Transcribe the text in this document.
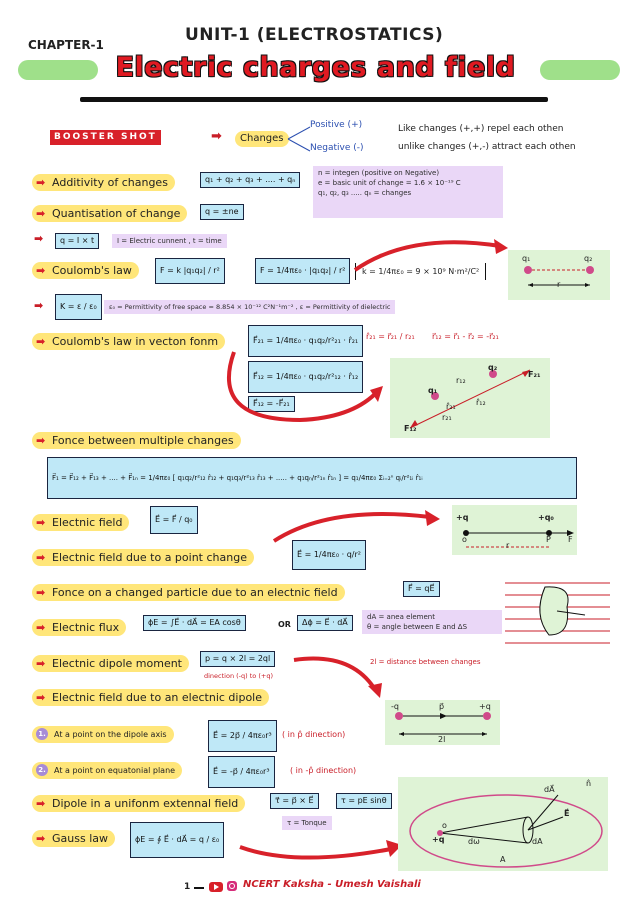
CHAPTER-1	UNIT-1 (ELECTROSTATICS)
Electric charges and field
BOOSTER SHOT	➡	Changes
Positive (+)
Negative (-)
Like changes (+,+) repel each othen
unlike changes (+,-) attract each othen
➡ Additivity of changes	q₁ + q₂ + q₃ + .... + qₙ
n = integen (positive on Negative)
e = basic unit of change = 1.6 × 10⁻¹⁹ C
q₁, q₂, q₃ ..... qₙ = changes
➡ Quantisation of change	q = ±ne
➡	q = I × t	I = Electric cunnent , t = time
➡ Coulomb's law	F = k |q₁q₂| / r²	F = 1/4πε₀ · |q₁q₂| / r²	k = 1/4πε₀ = 9 × 10⁹ N·m²/C²
q₁	q₂
r
➡	K = ε / ε₀	ε₀ = Permittivity of free space = 8.854 × 10⁻¹² C²N⁻¹m⁻² , ε = Permittivity of dielectric
➡ Coulomb's law in vecton fonm	F⃗₂₁ = 1/4πε₀ · q₁q₂/r²₂₁ · r̂₂₁
F⃗₁₂ = 1/4πε₀ · q₁q₂/r²₁₂ · r̂₁₂
F⃗₁₂ = -F⃗₂₁
r̂₂₁ = r⃗₂₁ / r₂₁ r⃗₁₂ = r⃗₁ - r⃗₂ = -r⃗₂₁
q₁
q₂
F₂₁
F₁₂
r₁₂
r₂₁
r̂₁₂
r̂₂₁
➡ Fonce between multiple changes
F⃗₁ = F⃗₁₂ + F⃗₁₃ + .... + F⃗₁ₙ = 1/4πε₀ [ q₁q₂/r²₁₂ r̂₁₂ + q₁q₃/r²₁₃ r̂₁₃ + ..... + q₁qₙ/r²₁ₙ r̂₁ₙ ] = q₁/4πε₀ Σᵢ₌₂ⁿ qᵢ/r²₁ᵢ r̂₁ᵢ
➡ Electnic field	E⃗ = F⃗ / q₀	+q	+q₀
o	P F
r
➡ Electnic field due to a point change	E⃗ = 1/4πε₀ · q/r²
➡ Fonce on a changed particle due to an electnic field	F⃗ = qE⃗
➡ Electnic flux	ϕE = ∫E⃗ · dA⃗ = EA cosθ	OR	Δϕ = E⃗ · dA⃗
dA = anea element
θ = angle between E and ΔS
➡ Electnic dipole moment	p = q × 2l = 2ql
dinection (-q) to (+q)
2l = distance between changes
➡ Electnic field due to an electnic dipole
-q	+q
p⃗
2l
1. At a point on the dipole axis	E⃗ = 2p⃗ / 4πε₀r³	( in p̂ dinection)
2. At a point on equatonial plane	E⃗ = -p⃗ / 4πε₀r³	( in -p̂ dinection)
➡ Dipole in a unifonm extennal field	τ⃗ = p⃗ × E⃗	τ = pE sinθ
τ = Tonque
➡ Gauss law	ϕE = ∮ E⃗ · dA⃗ = q / ε₀	+q
o
dω	dA
E⃗
A
n̂
dA⃗
1	NCERT Kaksha - Umesh Vaishali
